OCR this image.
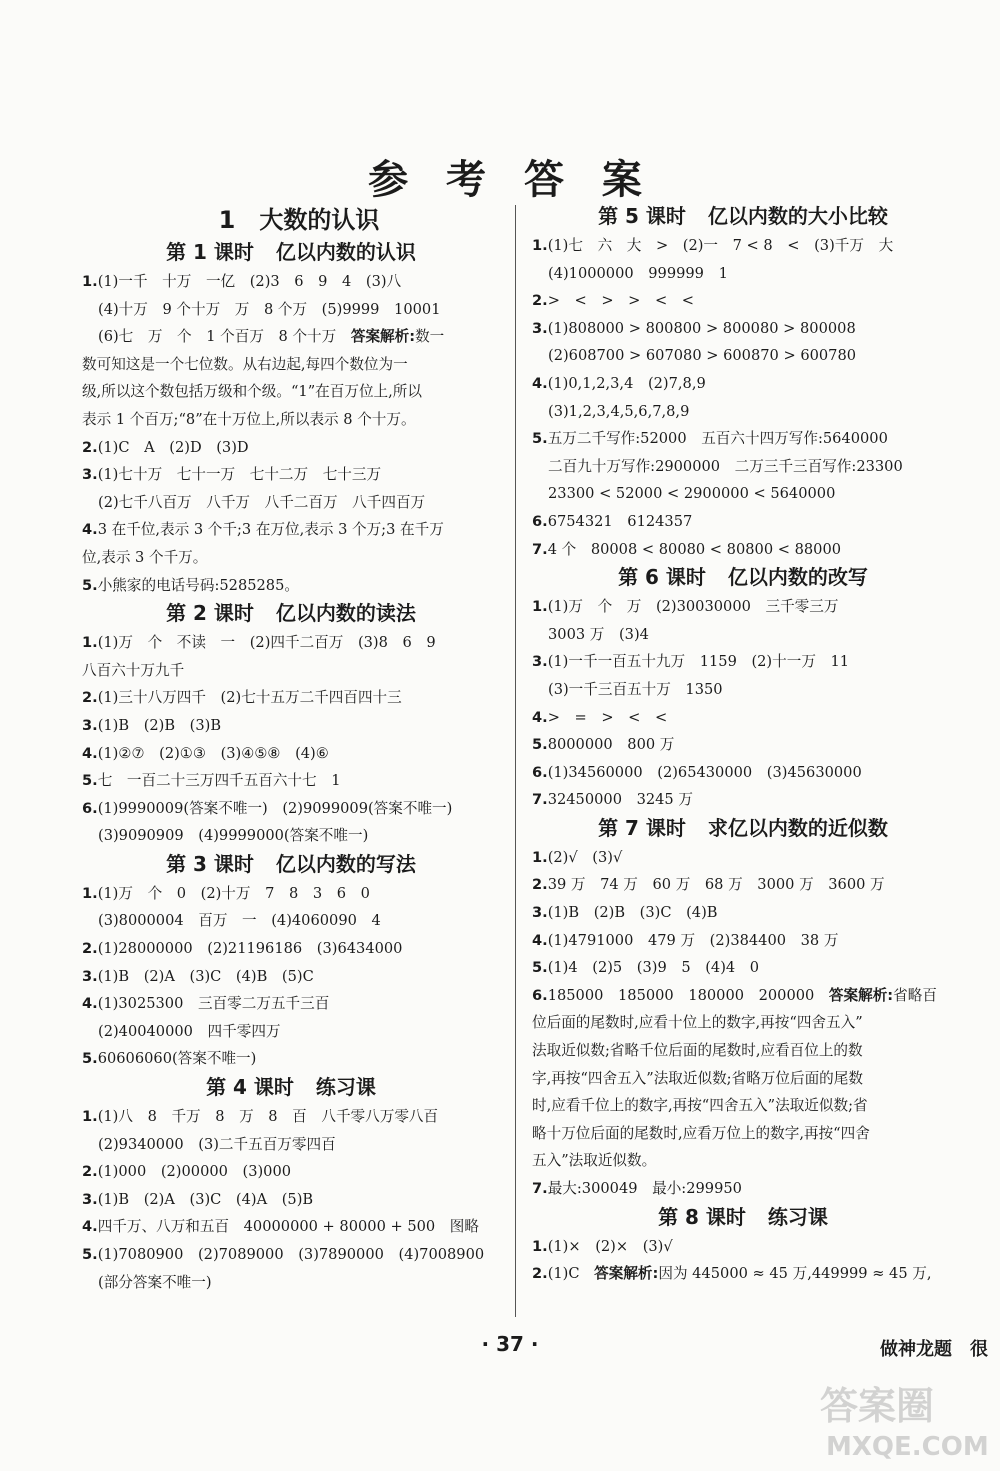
参 考 答 案
1 大数的认识
第 1 课时 亿以内数的认识
1.(1)一千　十万　一亿　(2)3　6　9　4　(3)八
(4)十万　9 个十万　万　8 个万　(5)9999　10001
(6)七　万　个　1 个百万　8 个十万　答案解析:数一
数可知这是一个七位数。从右边起,每四个数位为一
级,所以这个数包括万级和个级。“1”在百万位上,所以
表示 1 个百万;“8”在十万位上,所以表示 8 个十万。
2.(1)C　A　(2)D　(3)D
3.(1)七十万　七十一万　七十二万　七十三万
(2)七千八百万　八千万　八千二百万　八千四百万
4.3 在千位,表示 3 个千;3 在万位,表示 3 个万;3 在千万
位,表示 3 个千万。
5.小熊家的电话号码:5285285。
第 2 课时 亿以内数的读法
1.(1)万　个　不读　一　(2)四千二百万　(3)8　6　9
八百六十万九千
2.(1)三十八万四千　(2)七十五万二千四百四十三
3.(1)B　(2)B　(3)B
4.(1)②⑦　(2)①③　(3)④⑤⑧　(4)⑥
5.七　一百二十三万四千五百六十七　1
6.(1)9990009(答案不唯一)　(2)9099009(答案不唯一)
(3)9090909　(4)9999000(答案不唯一)
第 3 课时 亿以内数的写法
1.(1)万　个　0　(2)十万　7　8　3　6　0
(3)8000004　百万　一　(4)4060090　4
2.(1)28000000　(2)21196186　(3)6434000
3.(1)B　(2)A　(3)C　(4)B　(5)C
4.(1)3025300　三百零二万五千三百
(2)40040000　四千零四万
5.60606060(答案不唯一)
第 4 课时 练习课
1.(1)八　8　千万　8　万　8　百　八千零八万零八百
(2)9340000　(3)二千五百万零四百
2.(1)000　(2)00000　(3)000
3.(1)B　(2)A　(3)C　(4)A　(5)B
4.四千万、八万和五百　40000000 + 80000 + 500　图略
5.(1)7080900　(2)7089000　(3)7890000　(4)7008900
(部分答案不唯一)
第 5 课时 亿以内数的大小比较
1.(1)七　六　大　>　(2)一　7 < 8　<　(3)千万　大
(4)1000000　999999　1
2.>　<　>　>　<　<
3.(1)808000 > 800800 > 800080 > 800008
(2)608700 > 607080 > 600870 > 600780
4.(1)0,1,2,3,4　(2)7,8,9
(3)1,2,3,4,5,6,7,8,9
5.五万二千写作:52000　五百六十四万写作:5640000
二百九十万写作:2900000　二万三千三百写作:23300
23300 < 52000 < 2900000 < 5640000
6.6754321　6124357
7.4 个　80008 < 80080 < 80800 < 88000
第 6 课时 亿以内数的改写
1.(1)万　个　万　(2)30030000　三千零三万
3003 万　(3)4
3.(1)一千一百五十九万　1159　(2)十一万　11
(3)一千三百五十万　1350
4.>　=　>　<　<
5.8000000　800 万
6.(1)34560000　(2)65430000　(3)45630000
7.32450000　3245 万
第 7 课时 求亿以内数的近似数
1.(2)√　(3)√
2.39 万　74 万　60 万　68 万　3000 万　3600 万
3.(1)B　(2)B　(3)C　(4)B
4.(1)4791000　479 万　(2)384400　38 万
5.(1)4　(2)5　(3)9　5　(4)4　0
6.185000　185000　180000　200000　答案解析:省略百
位后面的尾数时,应看十位上的数字,再按“四舍五入”
法取近似数;省略千位后面的尾数时,应看百位上的数
字,再按“四舍五入”法取近似数;省略万位后面的尾数
时,应看千位上的数字,再按“四舍五入”法取近似数;省
略十万位后面的尾数时,应看万位上的数字,再按“四舍
五入”法取近似数。
7.最大:300049　最小:299950
第 8 课时 练习课
1.(1)×　(2)×　(3)√
2.(1)C　答案解析:因为 445000 ≈ 45 万,449999 ≈ 45 万,
· 37 ·	做神龙题　很
答案圈
MXQE.COM
